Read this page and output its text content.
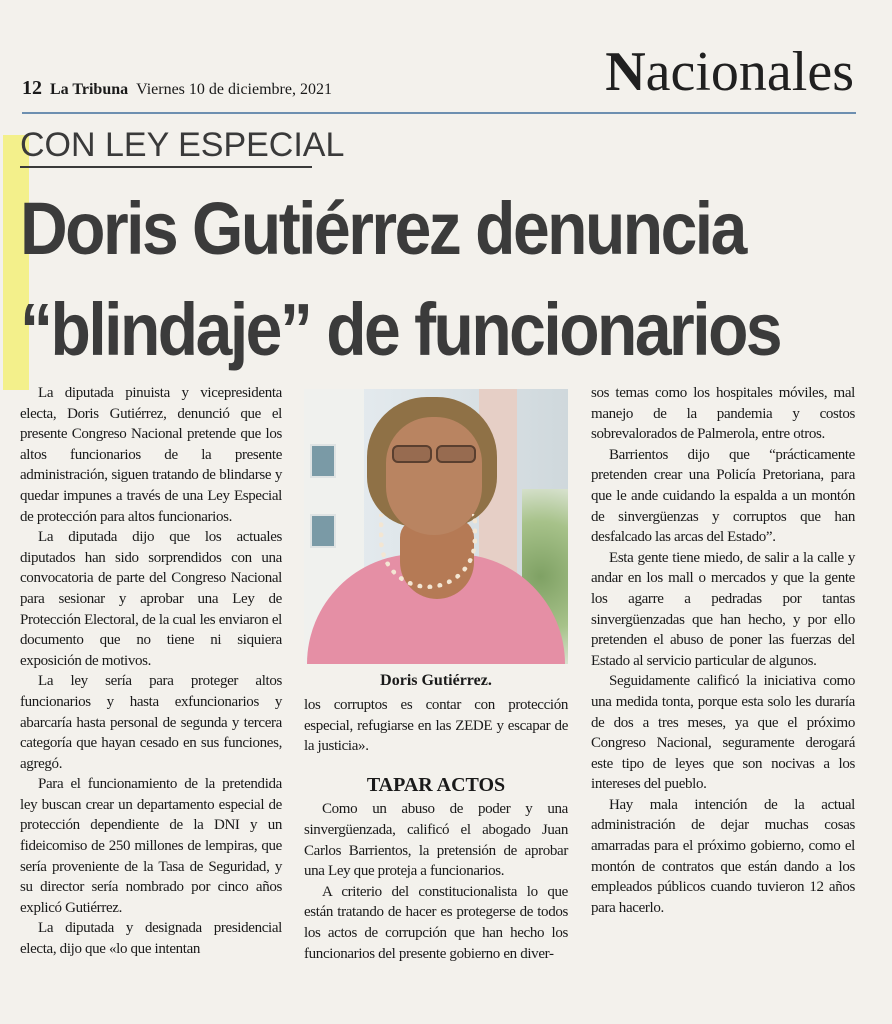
12 La Tribuna Viernes 10 de diciembre, 2021	Nacionales
CON LEY ESPECIAL
Doris Gutiérrez denuncia
“blindaje” de funcionarios

La diputada pinuista y vicepresidenta electa, Doris Gutiérrez, denunció que el presente Congreso Nacional pretende que los altos funcionarios de la presente administración, siguen tratando de blindarse y quedar impunes a través de una Ley Especial de protección para altos funcionarios.

La diputada dijo que los actuales diputados han sido sorprendidos con una convocatoria de parte del Congreso Nacional para sesionar y aprobar una Ley de Protección Electoral, de la cual les enviaron el documento que no tiene ni siquiera exposición de motivos.

La ley sería para proteger altos funcionarios y hasta exfuncionarios y abarcaría hasta personal de segunda y tercera categoría que hayan cesado en sus funciones, agregó.

Para el funcionamiento de la pretendida ley buscan crear un departamento especial de protección dependiente de la DNI y un fideicomiso de 250 millones de lempiras, que sería proveniente de la Tasa de Seguridad, y su director sería nombrado por cinco años explicó Gutiérrez.

La diputada y designada presidencial electa, dijo que «lo que intentan

Doris Gutiérrez.

los corruptos es contar con protección especial, refugiarse en las ZEDE y escapar de la justicia».

TAPAR ACTOS

Como un abuso de poder y una sinvergüenzada, calificó el abogado Juan Carlos Barrientos, la pretensión de aprobar una Ley que proteja a funcionarios.

A criterio del constitucionalista lo que están tratando de hacer es protegerse de todos los actos de corrupción que han hecho los funcionarios del presente gobierno en diver-

sos temas como los hospitales móviles, mal manejo de la pandemia y costos sobrevalorados de Palmerola, entre otros.

Barrientos dijo que “prácticamente pretenden crear una Policía Pretoriana, para que le ande cuidando la espalda a un montón de sinvergüenzas y corruptos que han desfalcado las arcas del Estado”.

Esta gente tiene miedo, de salir a la calle y andar en los mall o mercados y que la gente los agarre a pedradas por tantas sinvergüenzadas que han hecho, y por ello pretenden el abuso de poner las fuerzas del Estado al servicio particular de algunos.

Seguidamente calificó la iniciativa como una medida tonta, porque esta solo les duraría de dos a tres meses, ya que el próximo Congreso Nacional, seguramente derogará este tipo de leyes que son nocivas a los intereses del pueblo.

Hay mala intención de la actual administración de dejar muchas cosas amarradas para el próximo gobierno, como el montón de contratos que están dando a los empleados públicos cuando tuvieron 12 años para hacerlo.
